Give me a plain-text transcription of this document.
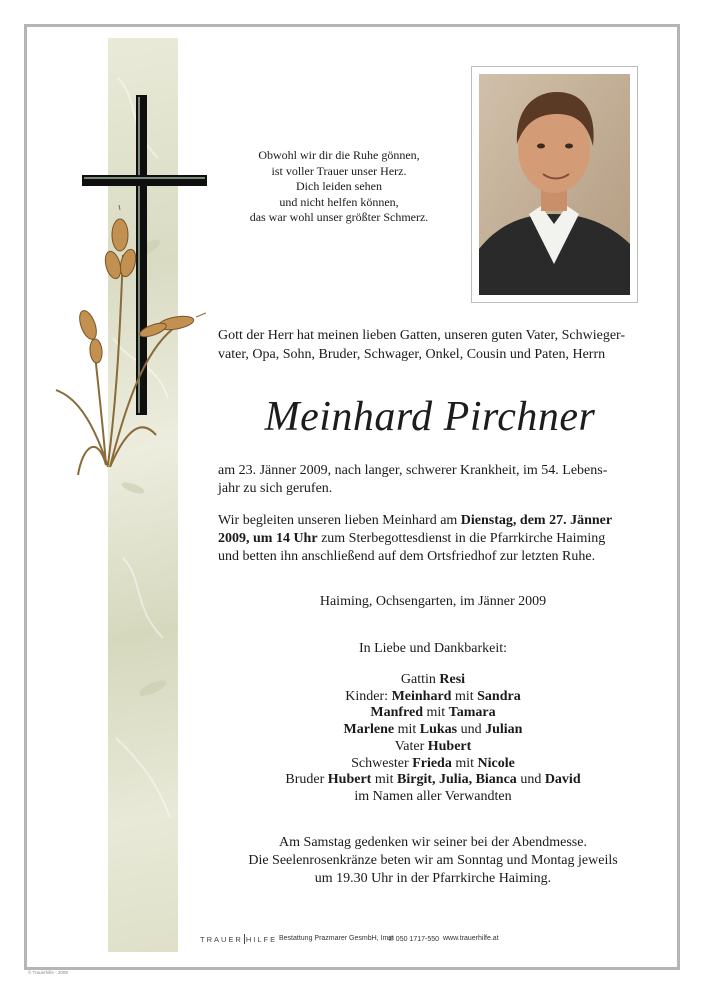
Obwohl wir dir die Ruhe gönnen,
ist voller Trauer unser Herz.
Dich leiden sehen
und nicht helfen können,
das war wohl unser größter Schmerz.
Gott der Herr hat meinen lieben Gatten, unseren guten Vater, Schwieger-
vater, Opa, Sohn, Bruder, Schwager, Onkel, Cousin und Paten, Herrn
Meinhard Pirchner
am 23. Jänner 2009, nach langer, schwerer Krankheit, im 54. Lebens-
jahr zu sich gerufen.
Wir begleiten unseren lieben Meinhard am Dienstag, dem 27. Jänner
2009, um 14 Uhr zum Sterbegottesdienst in die Pfarrkirche Haiming
und betten ihn anschließend auf dem Ortsfriedhof zur letzten Ruhe.
Haiming, Ochsengarten, im Jänner 2009
In Liebe und Dankbarkeit:
Gattin Resi
Kinder: Meinhard mit Sandra
Manfred mit Tamara
Marlene mit Lukas und Julian
Vater Hubert
Schwester Frieda mit Nicole
Bruder Hubert mit Birgit, Julia, Bianca und David
im Namen aller Verwandten
Am Samstag gedenken wir seiner bei der Abendmesse.
Die Seelenrosenkränze beten wir am Sonntag und Montag jeweils
um 19.30 Uhr in der Pfarrkirche Haiming.
TRAUER HILFE Bestattung Prazmarer GesmbH, Imst
✆ 050 1717-550 www.trauerhilfe.at
© Trauerhilfe · 2009
